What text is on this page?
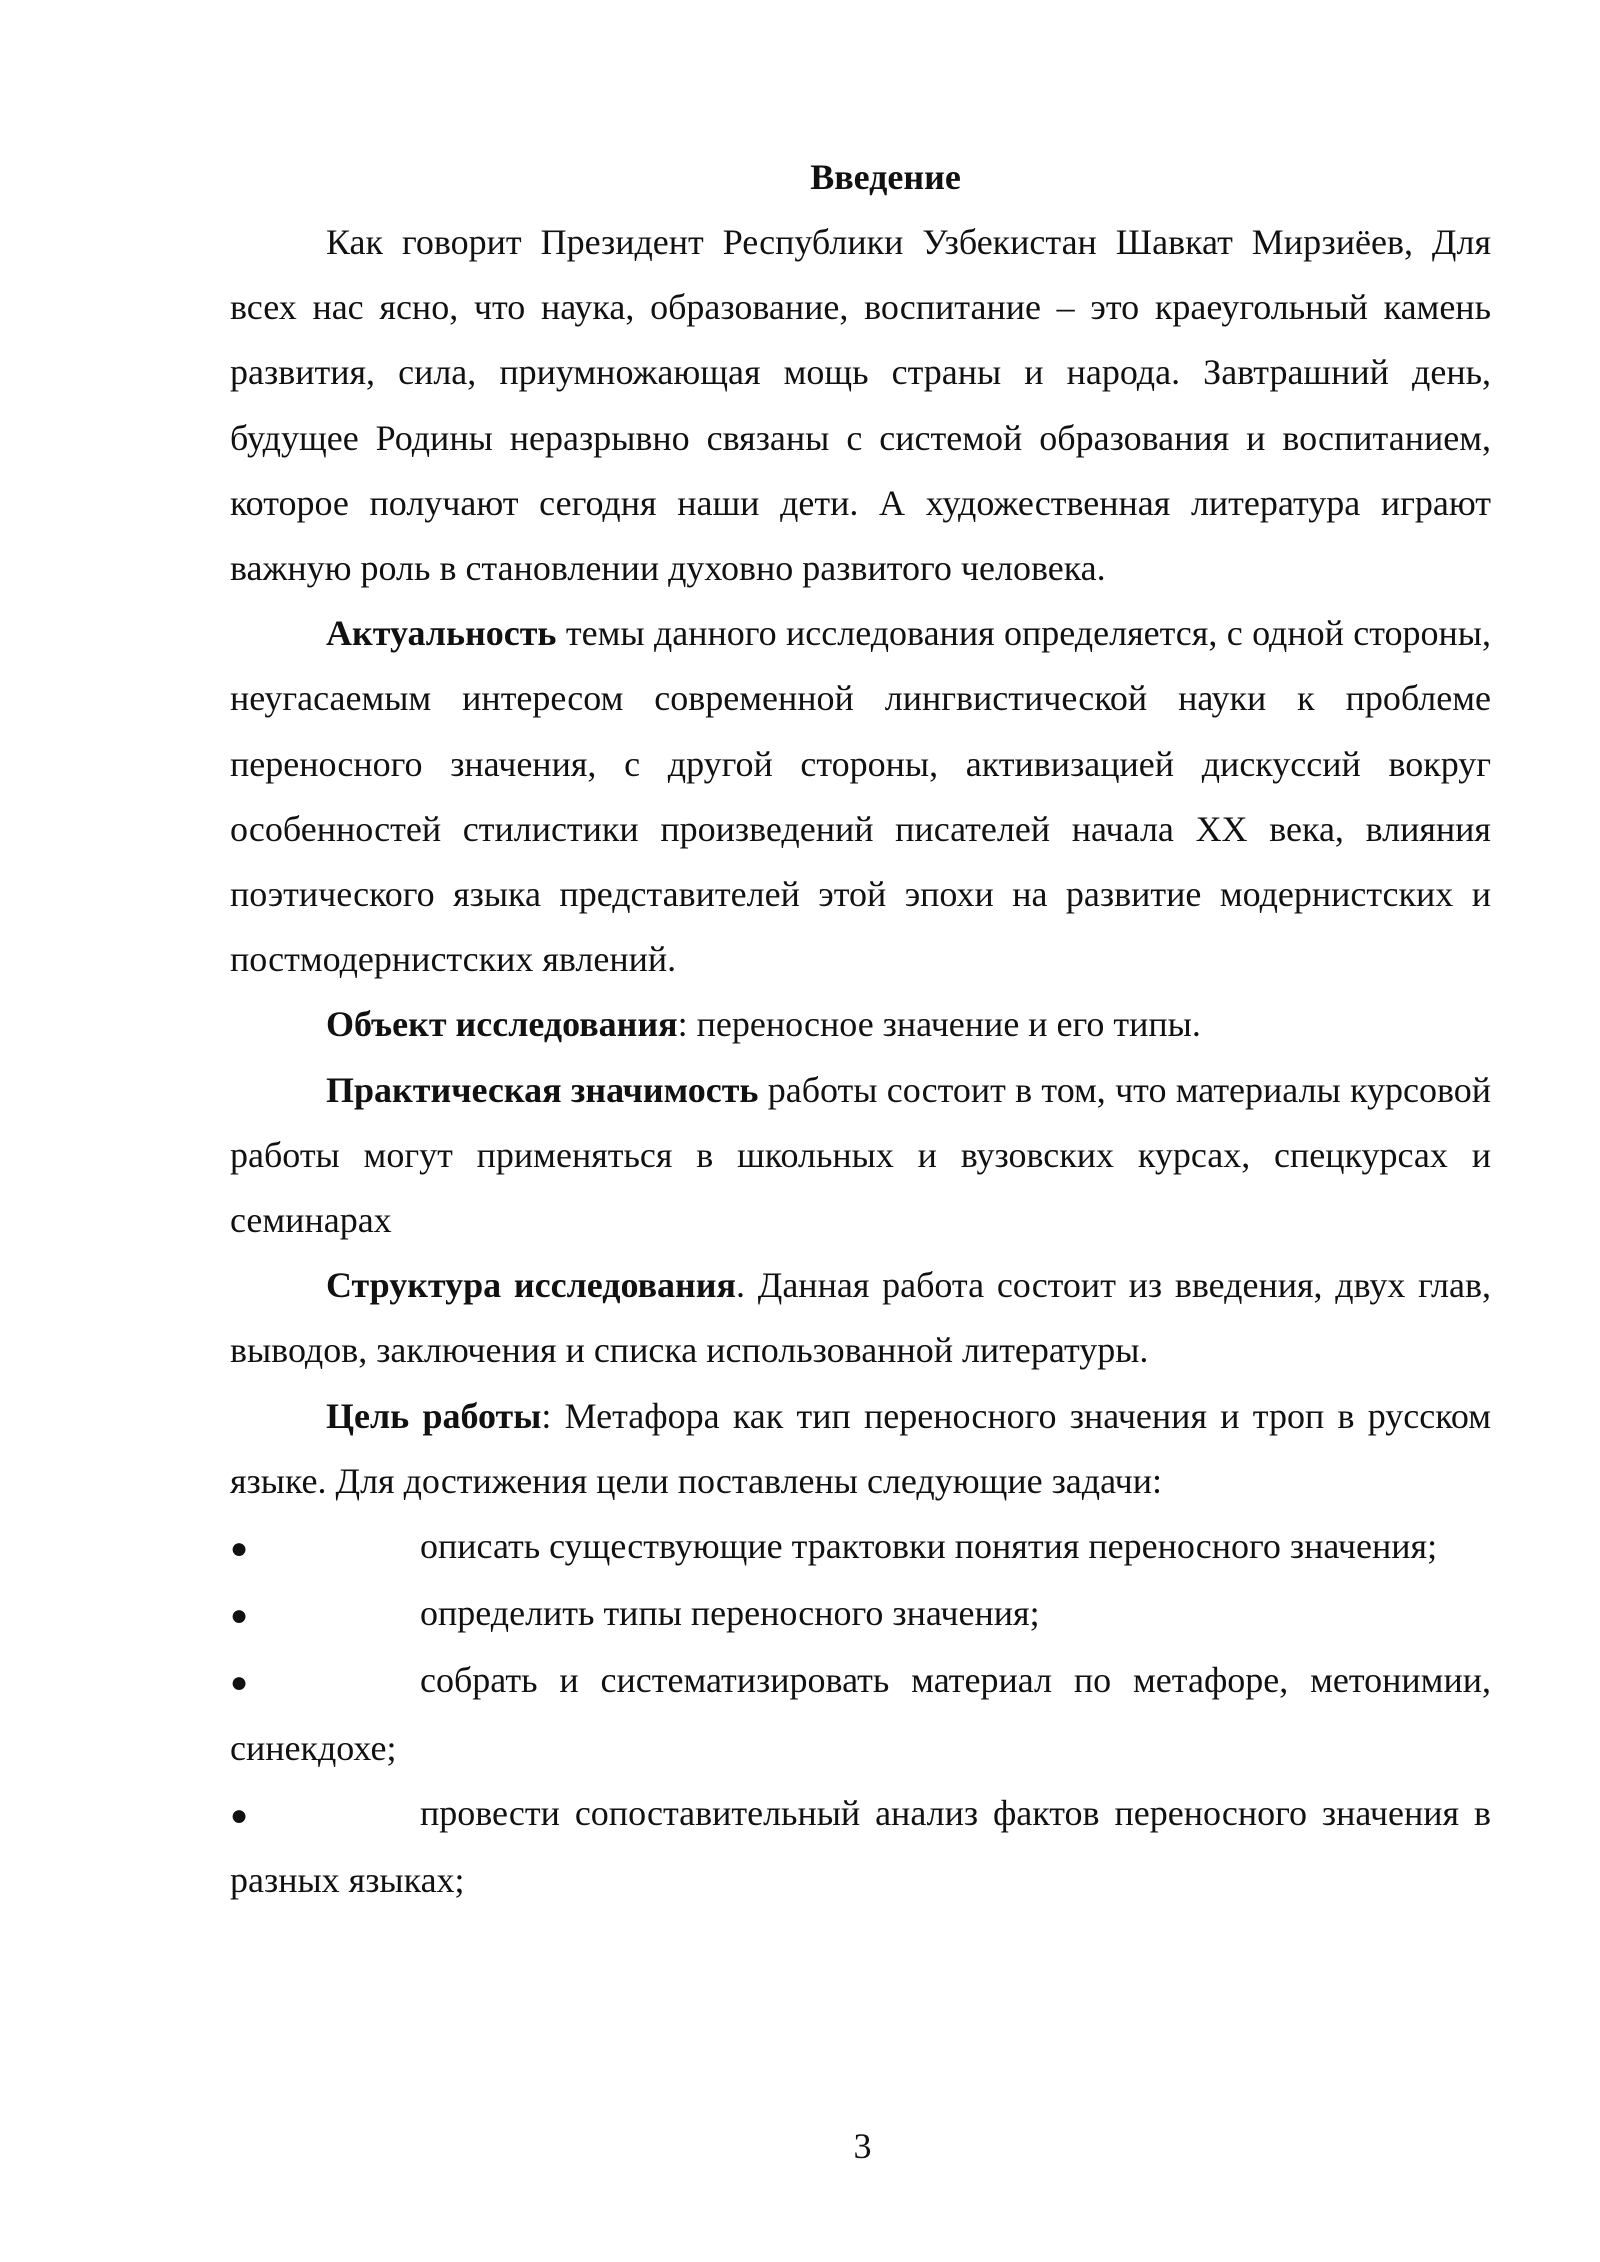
Введение

Как говорит Президент Республики Узбекистан Шавкат Мирзиёев, Для всех нас ясно, что наука, образование, воспитание – это краеугольный камень развития, сила, приумножающая мощь страны и народа. Завтрашний день, будущее Родины неразрывно связаны с системой образования и воспитанием, которое получают сегодня наши дети. А художественная литература играют важную роль в становлении духовно развитого человека.

Актуальность темы данного исследования определяется, с одной стороны, неугасаемым интересом современной лингвистической науки к проблеме переносного значения, с другой стороны, активизацией дискуссий вокруг особенностей стилистики произведений писателей начала XX века, влияния поэтического языка представителей этой эпохи на развитие модернистских и постмодернистских явлений.

Объект исследования: переносное значение и его типы.

Практическая значимость работы состоит в том, что материалы курсовой работы могут применяться в школьных и вузовских курсах, спецкурсах и семинарах

Структура исследования. Данная работа состоит из введения, двух глав, выводов, заключения и списка использованной литературы.

Цель работы: Метафора как тип переносного значения и троп в русском языке. Для достижения цели поставлены следующие задачи:

●	описать существующие трактовки понятия переносного значения;

●	определить типы переносного значения;

●	собрать и систематизировать материал по метафоре, метонимии, синекдохе;

●	провести сопоставительный анализ фактов переносного значения в разных языках;

3
